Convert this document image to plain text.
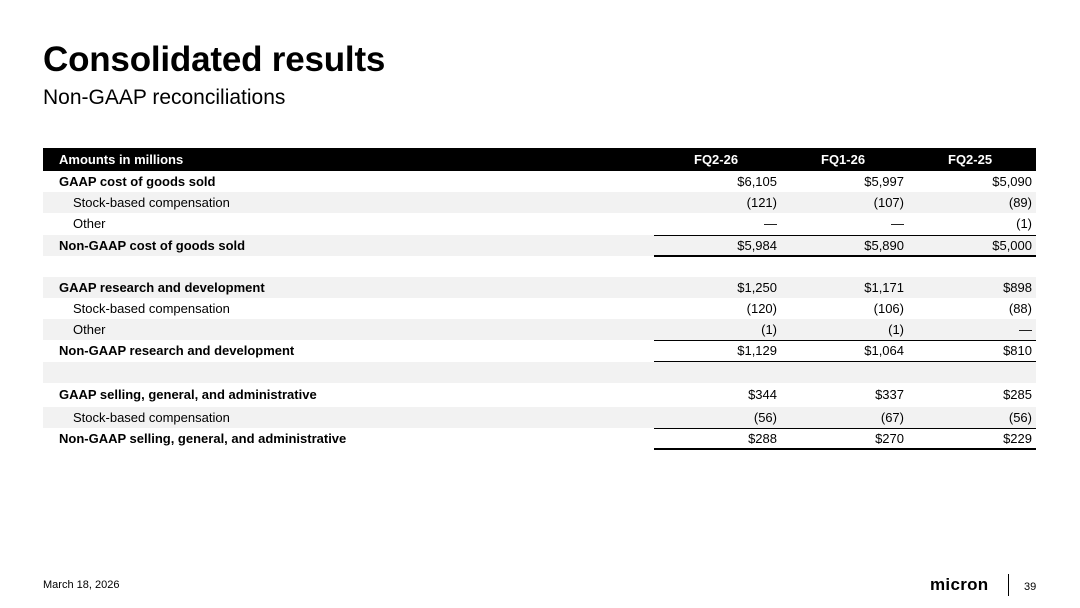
Consolidated results
Non-GAAP reconciliations
Amounts in millions	FQ2-26	FQ1-26	FQ2-25
GAAP cost of goods sold	$6,105	$5,997	$5,090
Stock-based compensation	(121)	(107)	(89)
Other	—	—	(1)
Non-GAAP cost of goods sold	$5,984	$5,890	$5,000
GAAP research and development	$1,250	$1,171	$898
Stock-based compensation	(120)	(106)	(88)
Other	(1)	(1)	—
Non-GAAP research and development	$1,129	$1,064	$810
GAAP selling, general, and administrative	$344	$337	$285
Stock-based compensation	(56)	(67)	(56)
Non-GAAP selling, general, and administrative	$288	$270	$229
March 18, 2026	micron	39
